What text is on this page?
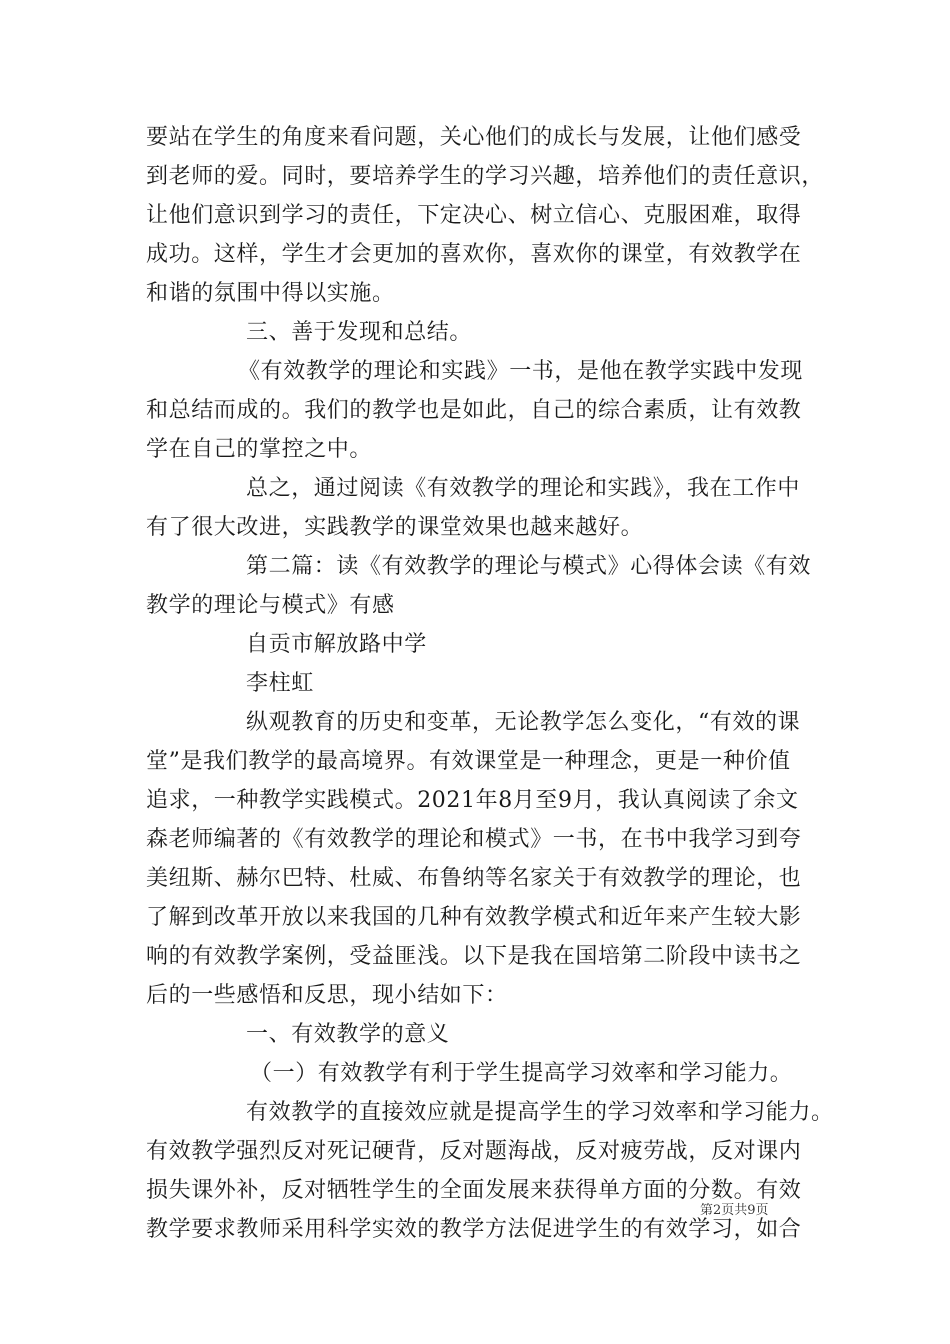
要站在学生的角度来看问题，关心他们的成长与发展，让他们感受
到老师的爱。同时，要培养学生的学习兴趣，培养他们的责任意识，
让他们意识到学习的责任，下定决心、树立信心、克服困难，取得
成功。这样，学生才会更加的喜欢你，喜欢你的课堂，有效教学在
和谐的氛围中得以实施。
三、善于发现和总结。
《有效教学的理论和实践》一书，是他在教学实践中发现
和总结而成的。我们的教学也是如此，自己的综合素质，让有效教
学在自己的掌控之中。
总之，通过阅读《有效教学的理论和实践》，我在工作中
有了很大改进，实践教学的课堂效果也越来越好。
第二篇：读《有效教学的理论与模式》心得体会读《有效
教学的理论与模式》有感
自贡市解放路中学
李柱虹
纵观教育的历史和变革，无论教学怎么变化，“有效的课
堂”是我们教学的最高境界。有效课堂是一种理念，更是一种价值
追求，一种教学实践模式。2021年8月至9月，我认真阅读了余文
森老师编著的《有效教学的理论和模式》一书，在书中我学习到夸
美纽斯、赫尔巴特、杜威、布鲁纳等名家关于有效教学的理论，也
了解到改革开放以来我国的几种有效教学模式和近年来产生较大影
响的有效教学案例，受益匪浅。以下是我在国培第二阶段中读书之
后的一些感悟和反思，现小结如下：
一、有效教学的意义
（一）有效教学有利于学生提高学习效率和学习能力。
有效教学的直接效应就是提高学生的学习效率和学习能力。
有效教学强烈反对死记硬背，反对题海战，反对疲劳战，反对课内
损失课外补，反对牺牲学生的全面发展来获得单方面的分数。有效
教学要求教师采用科学实效的教学方法促进学生的有效学习，如合
第2页共9页
